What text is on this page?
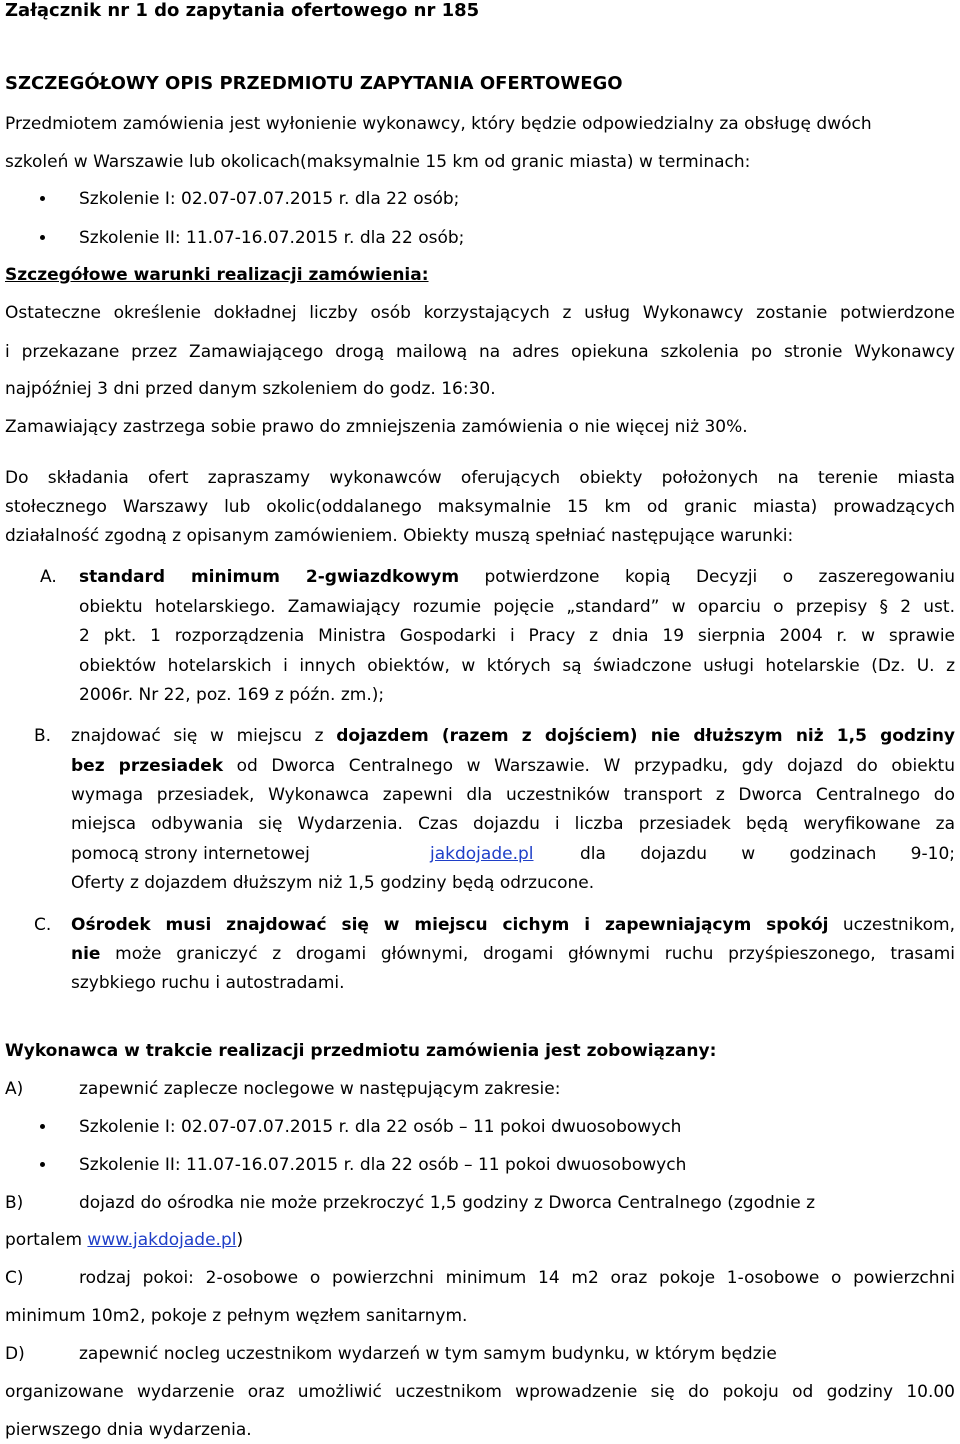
Załącznik nr 1 do zapytania ofertowego nr 185
SZCZEGÓŁOWY OPIS PRZEDMIOTU ZAPYTANIA OFERTOWEGO
Przedmiotem zamówienia jest wyłonienie wykonawcy, który będzie odpowiedzialny za obsługę dwóch
szkoleń w Warszawie lub okolicach(maksymalnie 15 km od granic miasta) w terminach:
Szkolenie I: 02.07-07.07.2015 r. dla 22 osób;
Szkolenie II: 11.07-16.07.2015 r. dla 22 osób;
Szczegółowe warunki realizacji zamówienia:
Ostateczne określenie dokładnej liczby osób korzystających z usług Wykonawcy zostanie potwierdzone
i przekazane przez Zamawiającego drogą mailową na adres opiekuna szkolenia po stronie Wykonawcy
najpóźniej 3 dni przed danym szkoleniem do godz. 16:30.
Zamawiający zastrzega sobie prawo do zmniejszenia zamówienia o nie więcej niż 30%.
Do składania ofert zapraszamy wykonawców oferujących obiekty położonych na terenie miasta
stołecznego Warszawy lub okolic(oddalanego maksymalnie 15 km od granic miasta) prowadzących
działalność zgodną z opisanym zamówieniem. Obiekty muszą spełniać następujące warunki:
A. standard minimum 2-gwiazdkowym potwierdzone kopią Decyzji o zaszeregowaniu
obiektu hotelarskiego. Zamawiający rozumie pojęcie „standard” w oparciu o przepisy § 2 ust.
2 pkt. 1 rozporządzenia Ministra Gospodarki i Pracy z dnia 19 sierpnia 2004 r. w sprawie
obiektów hotelarskich i innych obiektów, w których są świadczone usługi hotelarskie (Dz. U. z
2006r. Nr 22, poz. 169 z późn. zm.);
B. znajdować się w miejscu z dojazdem (razem z dojściem) nie dłuższym niż 1,5 godziny
bez przesiadek od Dworca Centralnego w Warszawie. W przypadku, gdy dojazd do obiektu
wymaga przesiadek, Wykonawca zapewni dla uczestników transport z Dworca Centralnego do
miejsca odbywania się Wydarzenia. Czas dojazdu i liczba przesiadek będą weryfikowane za
pomocą strony internetowej	jakdojade.pl	dla dojazdu w godzinach 9-10;
Oferty z dojazdem dłuższym niż 1,5 godziny będą odrzucone.
C. Ośrodek musi znajdować się w miejscu cichym i zapewniającym spokój uczestnikom,
nie może graniczyć z drogami głównymi, drogami głównymi ruchu przyśpieszonego, trasami
szybkiego ruchu i autostradami.
Wykonawca w trakcie realizacji przedmiotu zamówienia jest zobowiązany:
A)	zapewnić zaplecze noclegowe w następującym zakresie:
Szkolenie I: 02.07-07.07.2015 r. dla 22 osób – 11 pokoi dwuosobowych
Szkolenie II: 11.07-16.07.2015 r. dla 22 osób – 11 pokoi dwuosobowych
B)	dojazd do ośrodka nie może przekroczyć 1,5 godziny z Dworca Centralnego (zgodnie z
portalem www.jakdojade.pl)
C)	rodzaj pokoi: 2-osobowe o powierzchni minimum 14 m2 oraz pokoje 1-osobowe o powierzchni
minimum 10m2, pokoje z pełnym węzłem sanitarnym.
D)	zapewnić nocleg uczestnikom wydarzeń w tym samym budynku, w którym będzie
organizowane wydarzenie oraz umożliwić uczestnikom wprowadzenie się do pokoju od godziny 10.00
pierwszego dnia wydarzenia.
